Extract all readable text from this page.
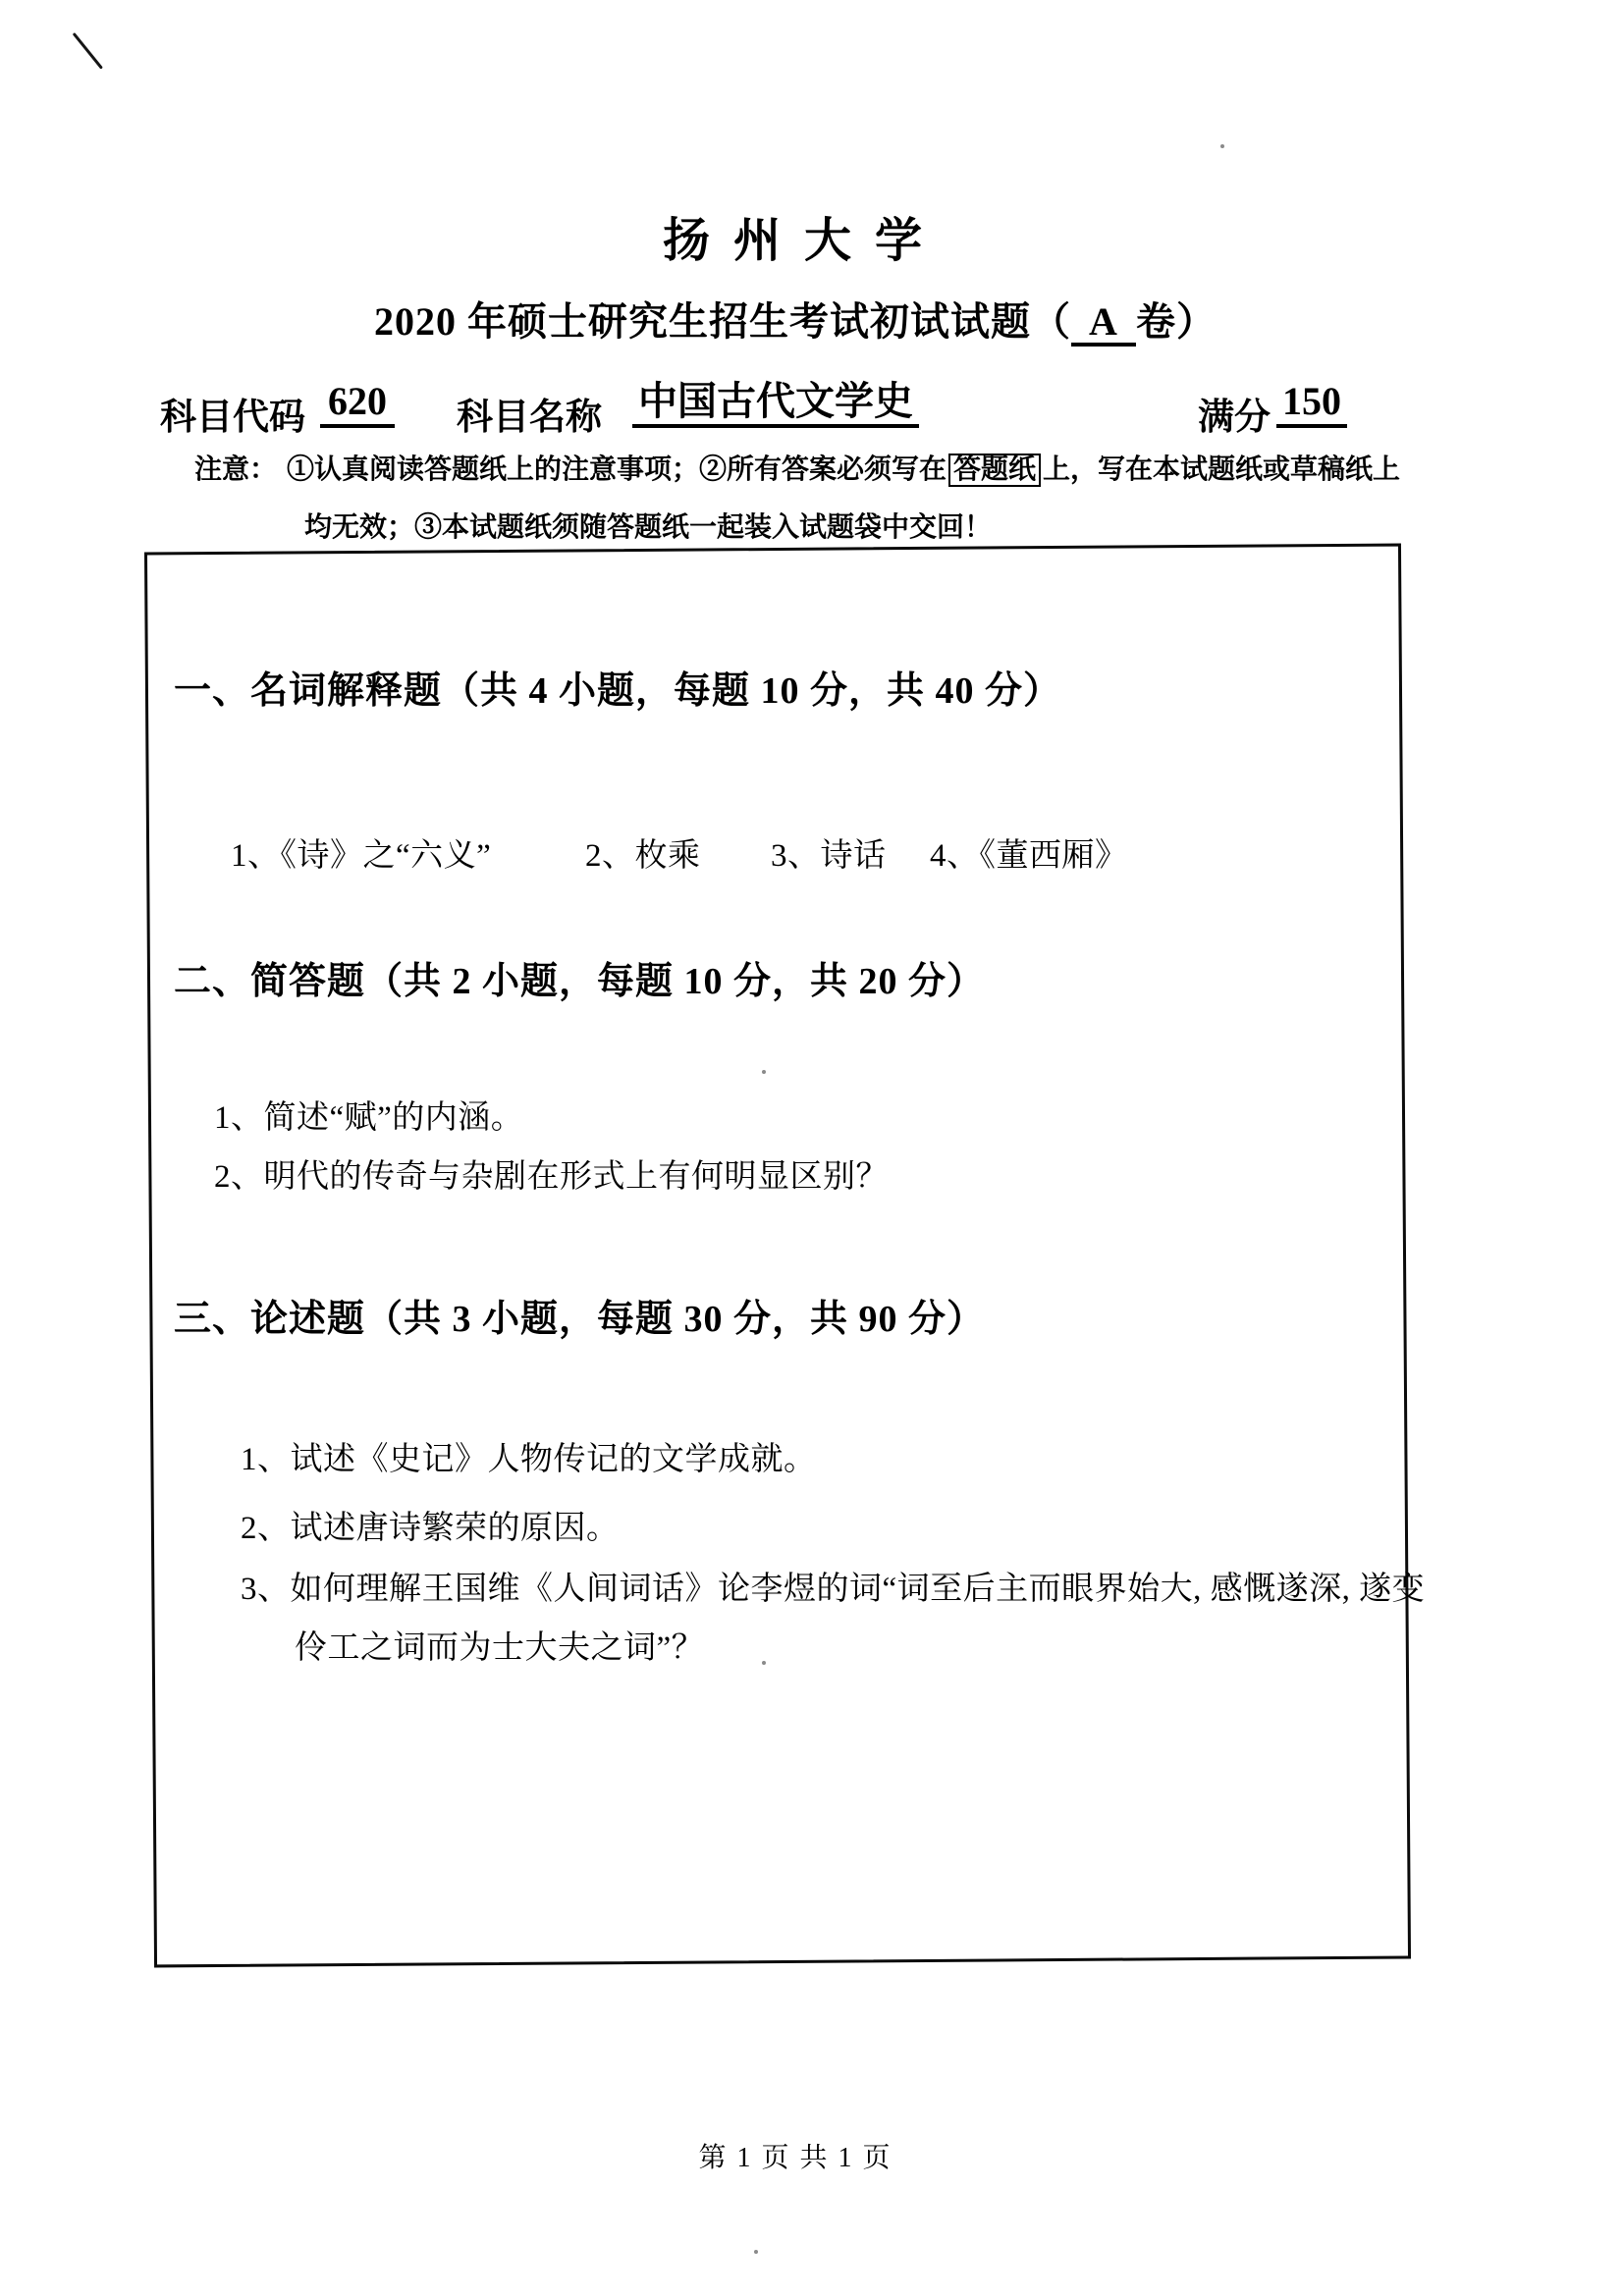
扬 州 大 学
2020 年硕士研究生招生考试初试试题（ A 卷）
科目代码 620 科目名称 中国古代文学史	满分 150
注意： ①认真阅读答题纸上的注意事项；②所有答案必须写在 答题纸 上，写在本试题纸或草稿纸上
均无效；③本试题纸须随答题纸一起装入试题袋中交回！
一、名词解释题（共 4 小题，每题 10 分，共 40 分）
1、《诗》之“六义”	2、枚乘 3、诗话 4、《董西厢》
二、简答题（共 2 小题，每题 10 分，共 20 分）
1、简述“赋”的内涵。
2、明代的传奇与杂剧在形式上有何明显区别？
三、论述题（共 3 小题，每题 30 分，共 90 分）
1、试述《史记》人物传记的文学成就。
2、试述唐诗繁荣的原因。
3、如何理解王国维《人间词话》论李煜的词“词至后主而眼界始大, 感慨遂深, 遂变
伶工之词而为士大夫之词”？
第 1 页 共 1 页
